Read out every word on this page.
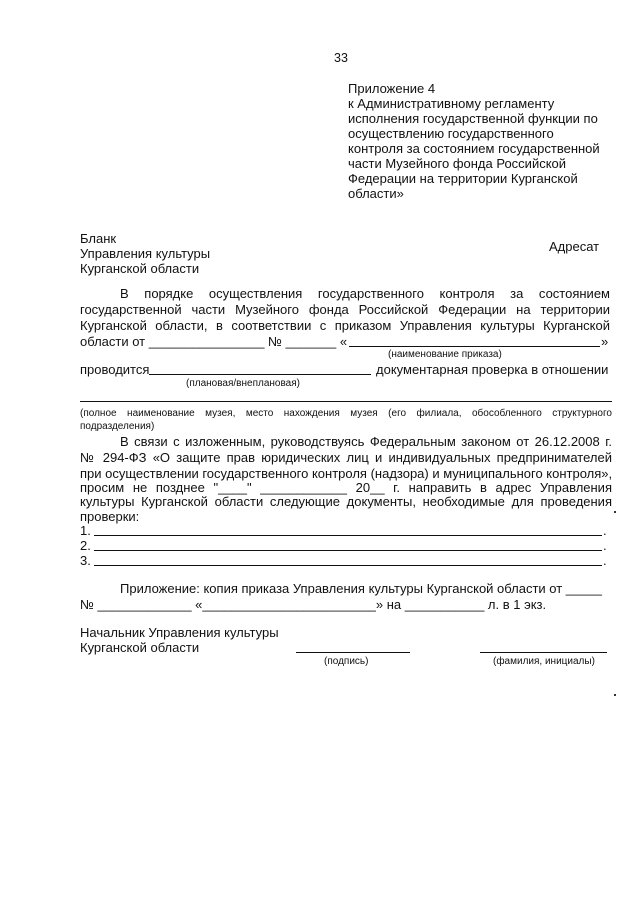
33
Приложение 4
к Административному регламенту
исполнения государственной функции по
осуществлению государственного
контроля за состоянием государственной
части Музейного фонда Российской
Федерации на территории Курганской
области»
Бланк
Управления культуры
Курганской области
Адресат
В порядке осуществления государственного контроля за состоянием
государственной части Музейного фонда Российской Федерации на территории
Курганской области, в соответствии с приказом Управления культуры Курганской
области от ________________ № _______ «	»
(наименование приказа)
проводится	документарная проверка в отношении
(плановая/внеплановая)
(полное наименование музея, место нахождения музея (его филиала, обособленного структурного подразделения)
В связи с изложенным, руководствуясь Федеральным законом от 26.12.2008 г.
№ 294-ФЗ «О защите прав юридических лиц и индивидуальных предпринимателей
при осуществлении государственного контроля (надзора) и муниципального контроля»,
просим не позднее "____" ____________ 20__ г. направить в адрес Управления
культуры Курганской области следующие документы, необходимые для проведения
проверки:
1.	.
2.	.
3.	.
Приложение: копия приказа Управления культуры Курганской области от _____
№ _____________ «________________________» на ___________ л. в 1 экз.
Начальник Управления культуры
Курганской области
(подпись)	(фамилия, инициалы)
